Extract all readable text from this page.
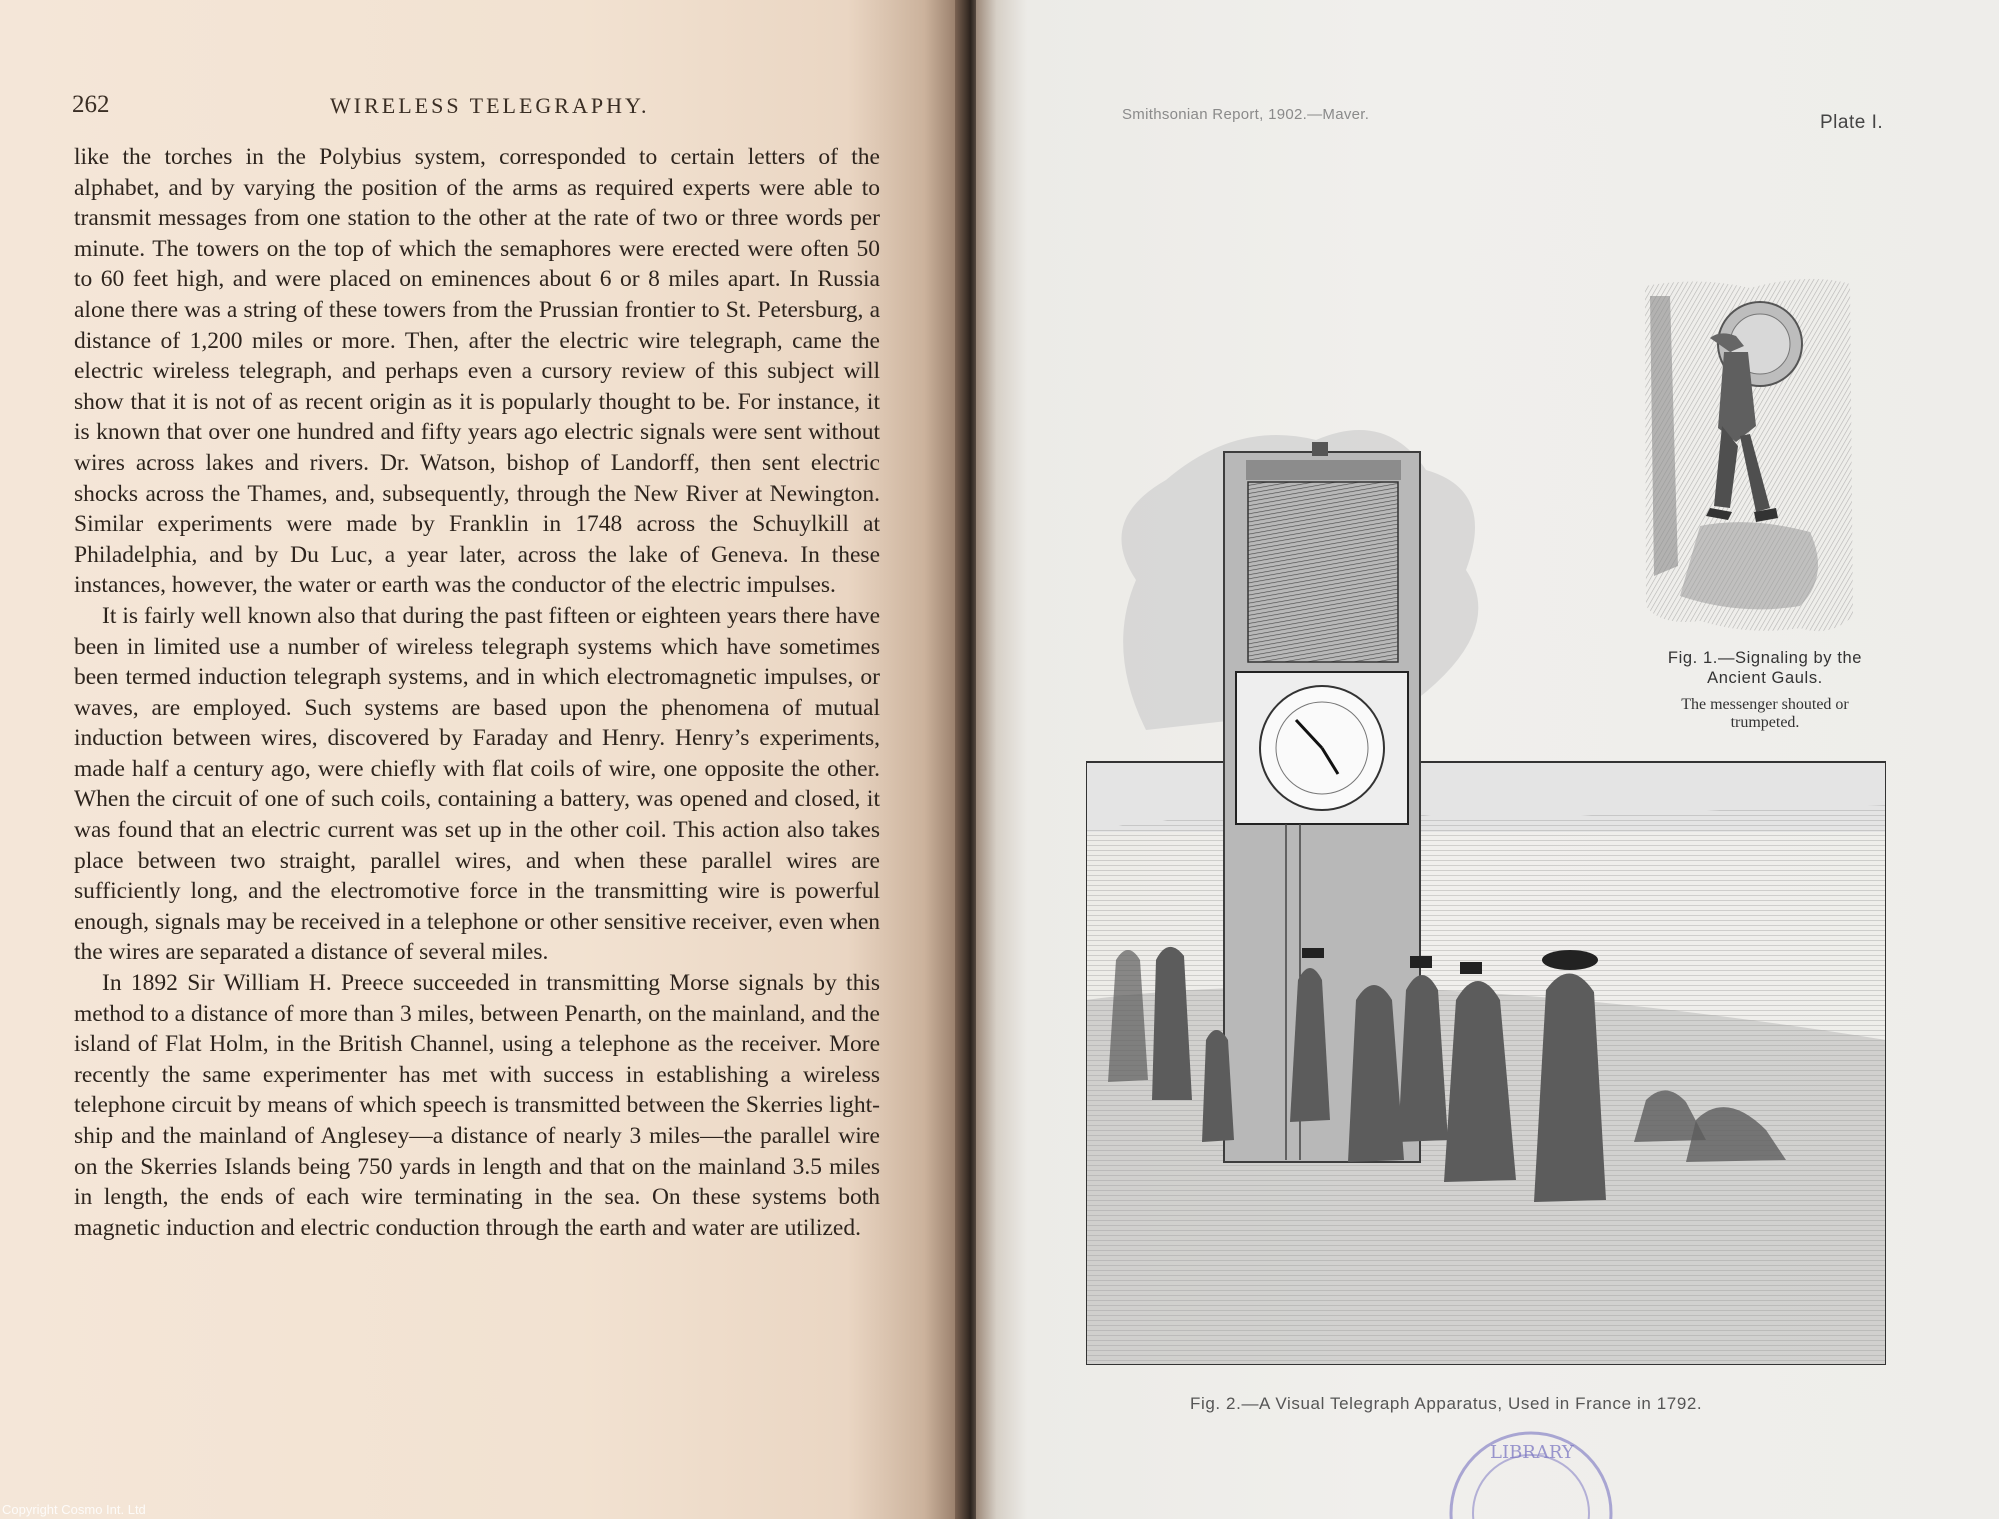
262	WIRELESS TELEGRAPHY.

like the torches in the Polybius system, corresponded to certain letters of the alphabet, and by varying the position of the arms as required experts were able to transmit messages from one station to the other at the rate of two or three words per minute. The towers on the top of which the semaphores were erected were often 50 to 60 feet high, and were placed on eminences about 6 or 8 miles apart. In Russia alone there was a string of these towers from the Prussian frontier to St. Petersburg, a distance of 1,200 miles or more. Then, after the electric wire telegraph, came the electric wireless telegraph, and perhaps even a cursory review of this subject will show that it is not of as recent origin as it is popularly thought to be. For instance, it is known that over one hundred and fifty years ago electric signals were sent without wires across lakes and rivers. Dr. Watson, bishop of Landorff, then sent electric shocks across the Thames, and, subsequently, through the New River at Newington. Similar experiments were made by Franklin in 1748 across the Schuylkill at Philadelphia, and by Du Luc, a year later, across the lake of Geneva. In these instances, however, the water or earth was the conductor of the electric impulses.

It is fairly well known also that during the past fifteen or eighteen years there have been in limited use a number of wireless telegraph systems which have sometimes been termed induction telegraph systems, and in which electromagnetic impulses, or waves, are employed. Such systems are based upon the phenomena of mutual induction between wires, discovered by Faraday and Henry. Henry’s experiments, made half a century ago, were chiefly with flat coils of wire, one opposite the other. When the circuit of one of such coils, containing a battery, was opened and closed, it was found that an electric current was set up in the other coil. This action also takes place between two straight, parallel wires, and when these parallel wires are sufficiently long, and the electromotive force in the transmitting wire is powerful enough, signals may be received in a telephone or other sensitive receiver, even when the wires are separated a distance of several miles.

In 1892 Sir William H. Preece succeeded in transmitting Morse signals by this method to a distance of more than 3 miles, between Penarth, on the mainland, and the island of Flat Holm, in the British Channel, using a telephone as the receiver. More recently the same experimenter has met with success in establishing a wireless telephone circuit by means of which speech is transmitted between the Skerries light-ship and the mainland of Anglesey—a distance of nearly 3 miles—the parallel wire on the Skerries Islands being 750 yards in length and that on the mainland 3.5 miles in length, the ends of each wire terminating in the sea. On these systems both magnetic induction and electric conduction through the earth and water are utilized.

Copyright Cosmo Int. Ltd
Smithsonian Report, 1902.—Maver.	Plate I.
Fig. 1.—Signaling by the
Ancient Gauls.
The messenger shouted or
trumpeted.
Fig. 2.—A Visual Telegraph Apparatus, Used in France in 1792.
LIBRARY
